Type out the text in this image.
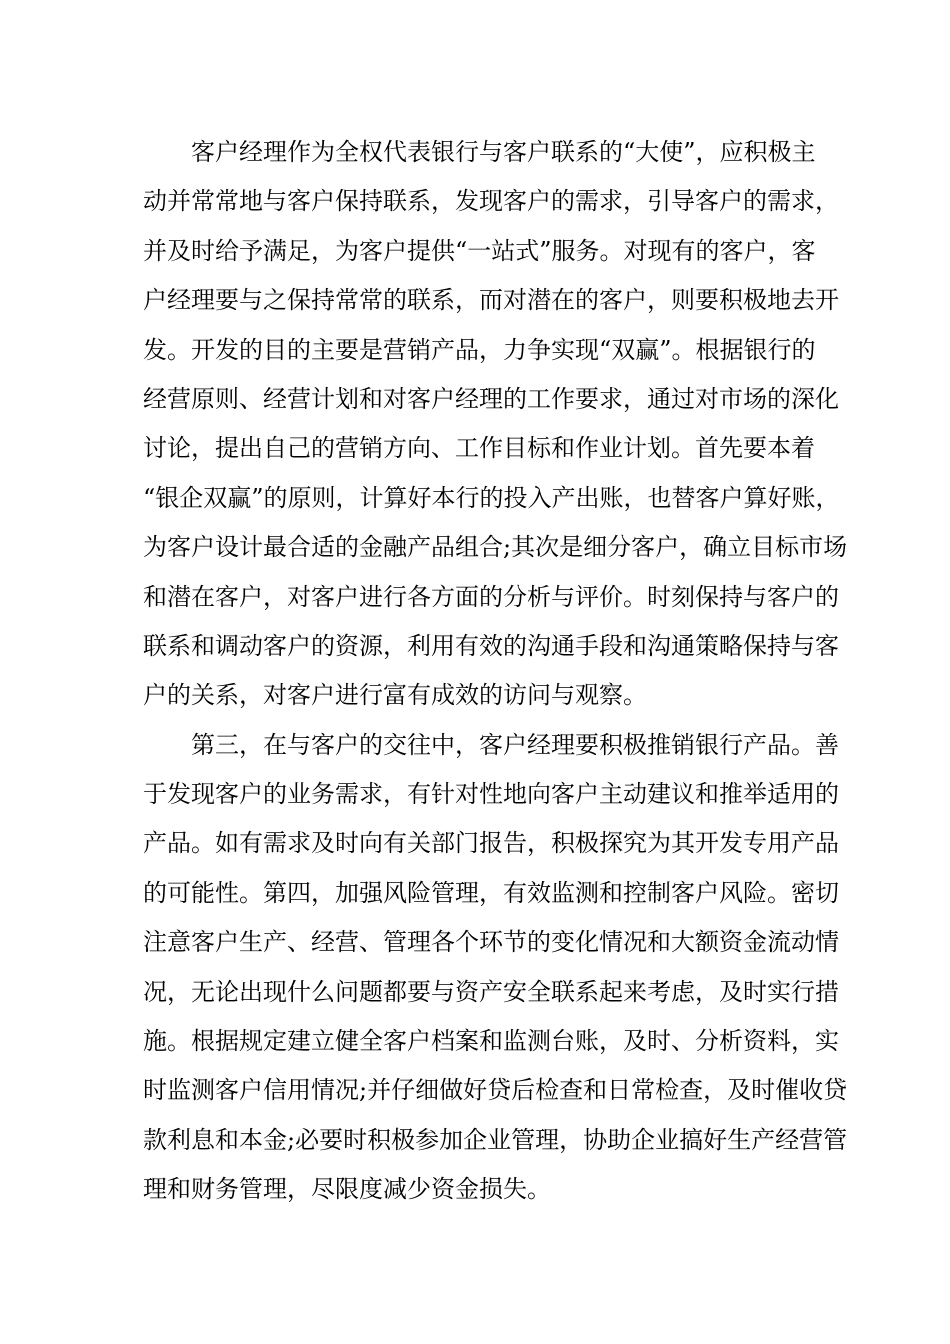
客户经理作为全权代表银行与客户联系的“大使”，应积极主
动并常常地与客户保持联系，发现客户的需求，引导客户的需求，
并及时给予满足，为客户提供“一站式”服务。对现有的客户，客
户经理要与之保持常常的联系，而对潜在的客户，则要积极地去开
发。开发的目的主要是营销产品，力争实现“双赢”。根据银行的
经营原则、经营计划和对客户经理的工作要求，通过对市场的深化
讨论，提出自己的营销方向、工作目标和作业计划。首先要本着
“银企双赢”的原则，计算好本行的投入产出账，也替客户算好账，
为客户设计最合适的金融产品组合;其次是细分客户，确立目标市场
和潜在客户，对客户进行各方面的分析与评价。时刻保持与客户的
联系和调动客户的资源，利用有效的沟通手段和沟通策略保持与客
户的关系，对客户进行富有成效的访问与观察。
第三，在与客户的交往中，客户经理要积极推销银行产品。善
于发现客户的业务需求，有针对性地向客户主动建议和推举适用的
产品。如有需求及时向有关部门报告，积极探究为其开发专用产品
的可能性。第四，加强风险管理，有效监测和控制客户风险。密切
注意客户生产、经营、管理各个环节的变化情况和大额资金流动情
况，无论出现什么问题都要与资产安全联系起来考虑，及时实行措
施。根据规定建立健全客户档案和监测台账，及时、分析资料，实
时监测客户信用情况;并仔细做好贷后检查和日常检查，及时催收贷
款利息和本金;必要时积极参加企业管理，协助企业搞好生产经营管
理和财务管理，尽限度减少资金损失。
